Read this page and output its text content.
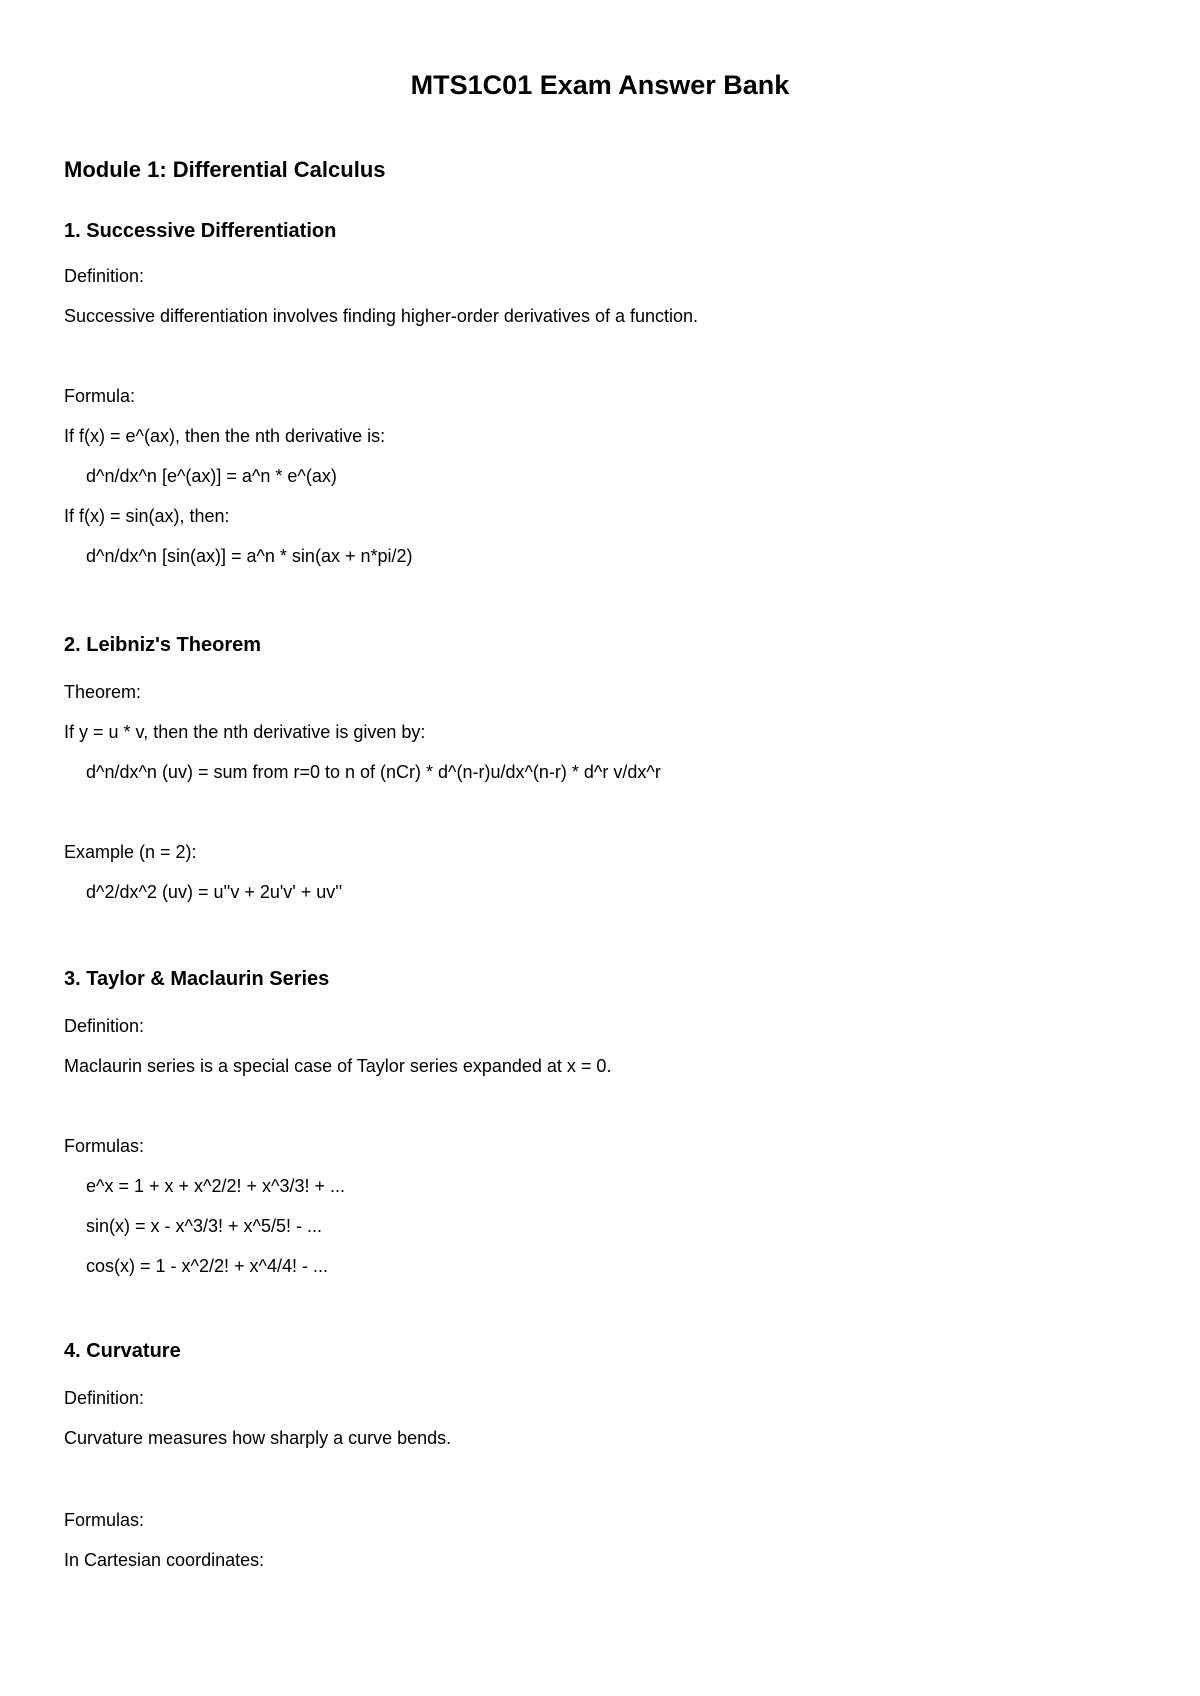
MTS1C01 Exam Answer Bank
Module 1: Differential Calculus
1. Successive Differentiation

Definition:

Successive differentiation involves finding higher-order derivatives of a function.

Formula:

If f(x) = e^(ax), then the nth derivative is:

d^n/dx^n [e^(ax)] = a^n * e^(ax)

If f(x) = sin(ax), then:

d^n/dx^n [sin(ax)] = a^n * sin(ax + n*pi/2)

2. Leibniz's Theorem

Theorem:

If y = u * v, then the nth derivative is given by:

d^n/dx^n (uv) = sum from r=0 to n of (nCr) * d^(n-r)u/dx^(n-r) * d^r v/dx^r

Example (n = 2):

d^2/dx^2 (uv) = u''v + 2u'v' + uv''

3. Taylor & Maclaurin Series

Definition:

Maclaurin series is a special case of Taylor series expanded at x = 0.

Formulas:

e^x = 1 + x + x^2/2! + x^3/3! + ...

sin(x) = x - x^3/3! + x^5/5! - ...

cos(x) = 1 - x^2/2! + x^4/4! - ...

4. Curvature

Definition:

Curvature measures how sharply a curve bends.

Formulas:

In Cartesian coordinates:
